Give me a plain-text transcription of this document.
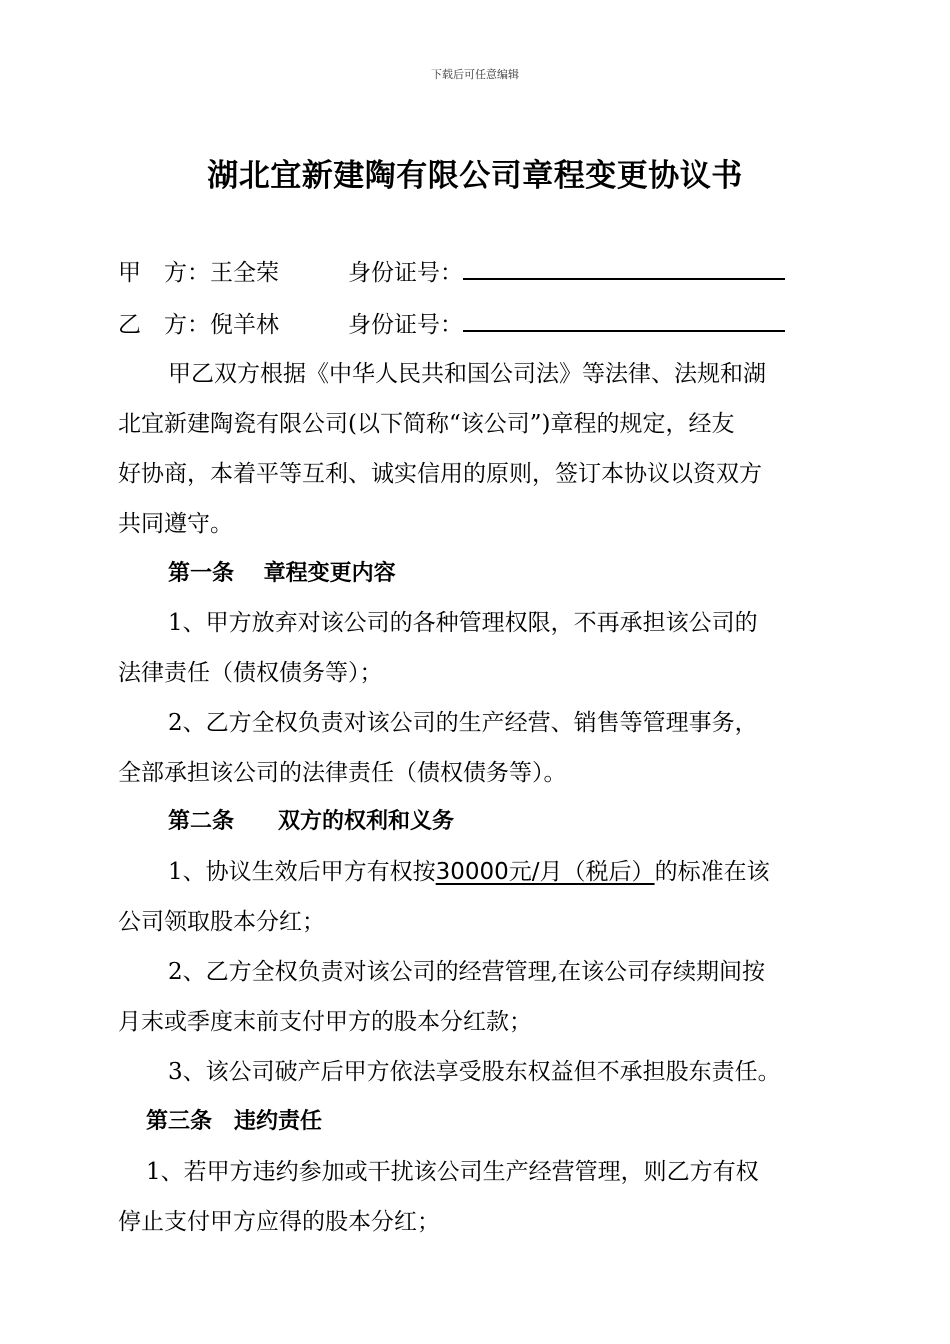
下载后可任意编辑
湖北宜新建陶有限公司章程变更协议书
甲　方：王全荣	身份证号：
乙　方：倪羊林	身份证号：
甲乙双方根据《中华人民共和国公司法》等法律、法规和湖
北宜新建陶瓷有限公司(以下简称“该公司”)章程的规定，经友
好协商，本着平等互利、诚实信用的原则，签订本协议以资双方
共同遵守。
第一条　 章程变更内容
1、甲方放弃对该公司的各种管理权限，不再承担该公司的
法律责任（债权债务等）；
2、乙方全权负责对该公司的生产经营、销售等管理事务，
全部承担该公司的法律责任（债权债务等）。
第二条　　双方的权利和义务
1、协议生效后甲方有权按30000元/月（税后）的标准在该
公司领取股本分红；
2、乙方全权负责对该公司的经营管理,在该公司存续期间按
月末或季度末前支付甲方的股本分红款；
3、该公司破产后甲方依法享受股东权益但不承担股东责任。
第三条　违约责任
1、若甲方违约参加或干扰该公司生产经营管理，则乙方有权
停止支付甲方应得的股本分红；
